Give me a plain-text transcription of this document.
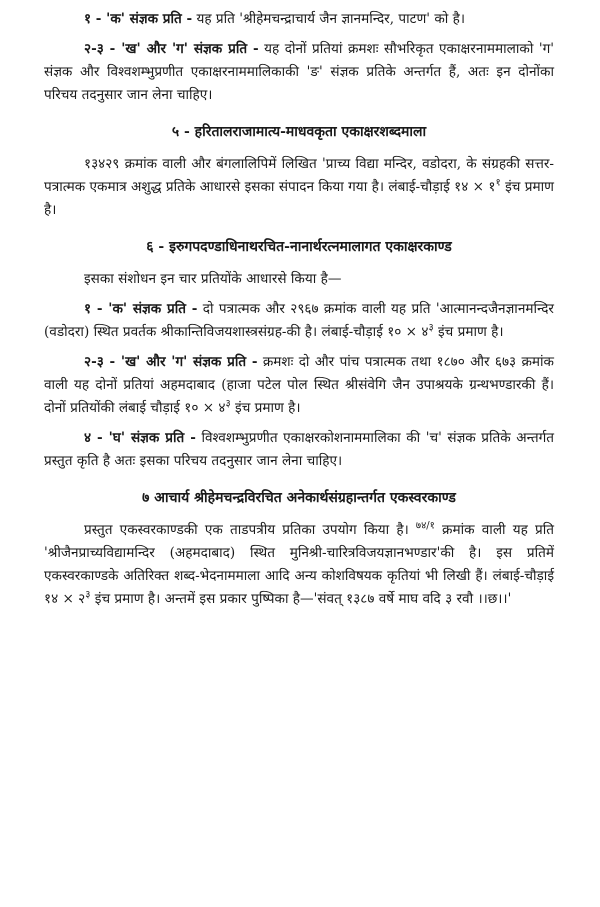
१ - 'क' संज्ञक प्रति - यह प्रति 'श्रीहेमचन्द्राचार्य जैन ज्ञानमन्दिर, पाटण' को है।

२-३ - 'ख' और 'ग' संज्ञक प्रति - यह दोनों प्रतियां क्रमशः सौभरिकृत एकाक्षरनाममालाको 'ग' संज्ञक और विश्वशम्भुप्रणीत एकाक्षरनाममालिकाकी 'ङ' संज्ञक प्रतिके अन्तर्गत हैं, अतः इन दोनोंका परिचय तदनुसार जान लेना चाहिए।

५ - हरितालराजामात्य-माधवकृता एकाक्षरशब्दमाला

१३४२९ क्रमांक वाली और बंगलालिपिमें लिखित 'प्राच्य विद्या मन्दिर, वडोदरा, के संग्रहकी सत्तर-पत्रात्मक एकमात्र अशुद्ध प्रतिके आधारसे इसका संपादन किया गया है। लंबाई-चौड़ाई १४ × $१^१$ इंच प्रमाण है।

६ - इरुगपदण्डाधिनाथरचित-नानार्थरत्नमालागत एकाक्षरकाण्ड

इसका संशोधन इन चार प्रतियोंके आधारसे किया है—

१ - 'क' संज्ञक प्रति - दो पत्रात्मक और २९६७ क्रमांक वाली यह प्रति 'आत्मानन्दजैनज्ञानमन्दिर (वडोदरा) स्थित प्रवर्तक श्रीकान्तिविजयशास्त्रसंग्रह-की है। लंबाई-चौड़ाई १० × $४^३$ इंच प्रमाण है।

२-३ - 'ख' और 'ग' संज्ञक प्रति - क्रमशः दो और पांच पत्रात्मक तथा १८७० और ६७३ क्रमांक वाली यह दोनों प्रतियां अहमदाबाद (हाजा पटेल पोल स्थित श्रीसंवेगि जैन उपाश्रयके ग्रन्थभण्डारकी हैं। दोनों प्रतियोंकी लंबाई चौड़ाई १० × $४^३$ इंच प्रमाण है।

४ - 'घ' संज्ञक प्रति - विश्वशम्भुप्रणीत एकाक्षरकोशनाममालिका की 'च' संज्ञक प्रतिके अन्तर्गत प्रस्तुत कृति है अतः इसका परिचय तदनुसार जान लेना चाहिए।

७ आचार्य श्रीहेमचन्द्रविरचित अनेकार्थसंग्रहान्तर्गत एकस्वरकाण्ड

प्रस्तुत एकस्वरकाण्डकी एक ताडपत्रीय प्रतिका उपयोग किया है। $^{७४/१}$ क्रमांक वाली यह प्रति 'श्रीजैनप्राच्यविद्यामन्दिर (अहमदाबाद) स्थित मुनिश्री-चारित्रविजयज्ञानभण्डार'की है। इस प्रतिमें एकस्वरकाण्डके अतिरिक्त शब्द-भेदनाममाला आदि अन्य कोशविषयक कृतियां भी लिखी हैं। लंबाई-चौड़ाई १४ × $२^३$ इंच प्रमाण है। अन्तमें इस प्रकार पुष्पिका है—'संवत् १३८७ वर्षे माघ वदि ३ रवौ ।।छ।।'
